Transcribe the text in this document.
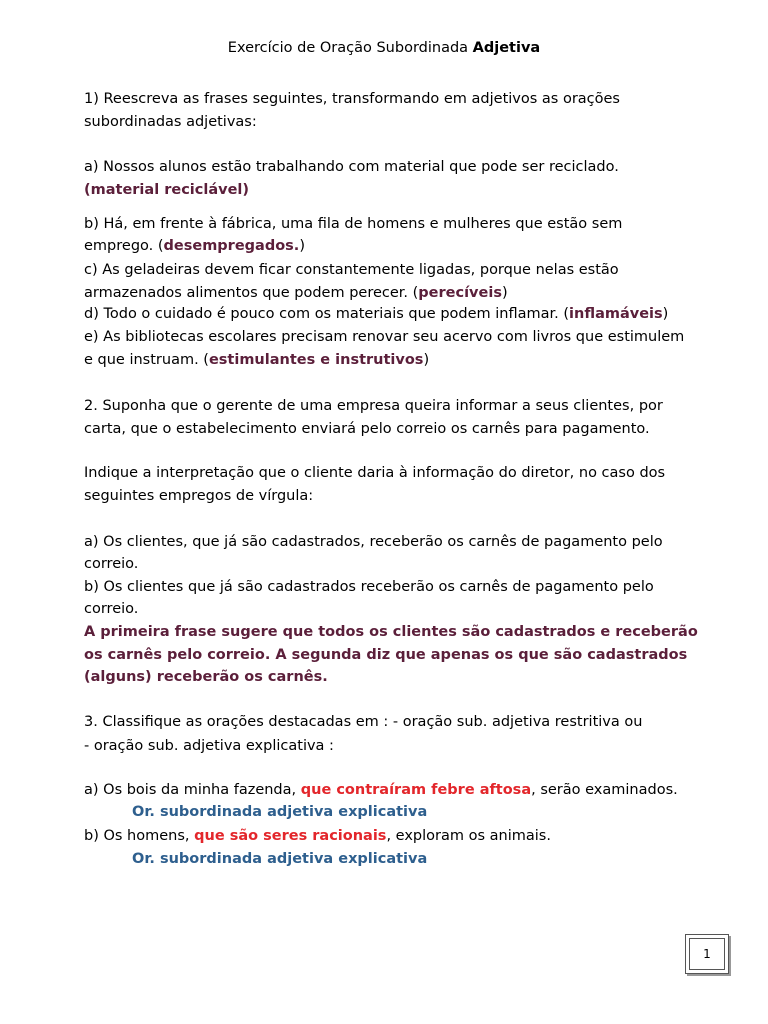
Exercício de Oração Subordinada Adjetiva
1) Reescreva as frases seguintes, transformando em adjetivos as orações
subordinadas adjetivas:
a) Nossos alunos estão trabalhando com material que pode ser reciclado.
(material reciclável)
b) Há, em frente à fábrica, uma fila de homens e mulheres que estão sem
emprego. (desempregados.)
c) As geladeiras devem ficar constantemente ligadas, porque nelas estão
armazenados alimentos que podem perecer. (perecíveis)
d) Todo o cuidado é pouco com os materiais que podem inflamar. (inflamáveis)
e) As bibliotecas escolares precisam renovar seu acervo com livros que estimulem
e que instruam. (estimulantes e instrutivos)
2. Suponha que o gerente de uma empresa queira informar a seus clientes, por
carta, que o estabelecimento enviará pelo correio os carnês para pagamento.
Indique a interpretação que o cliente daria à informação do diretor, no caso dos
seguintes empregos de vírgula:
a) Os clientes, que já são cadastrados, receberão os carnês de pagamento pelo
correio.
b) Os clientes que já são cadastrados receberão os carnês de pagamento pelo
correio.
A primeira frase sugere que todos os clientes são cadastrados e receberão
os carnês pelo correio. A segunda diz que apenas os que são cadastrados
(alguns) receberão os carnês.
3. Classifique as orações destacadas em : - oração sub. adjetiva restritiva ou
- oração sub. adjetiva explicativa :
a) Os bois da minha fazenda, que contraíram febre aftosa, serão examinados.
Or. subordinada adjetiva explicativa
b) Os homens, que são seres racionais, exploram os animais.
Or. subordinada adjetiva explicativa
1
